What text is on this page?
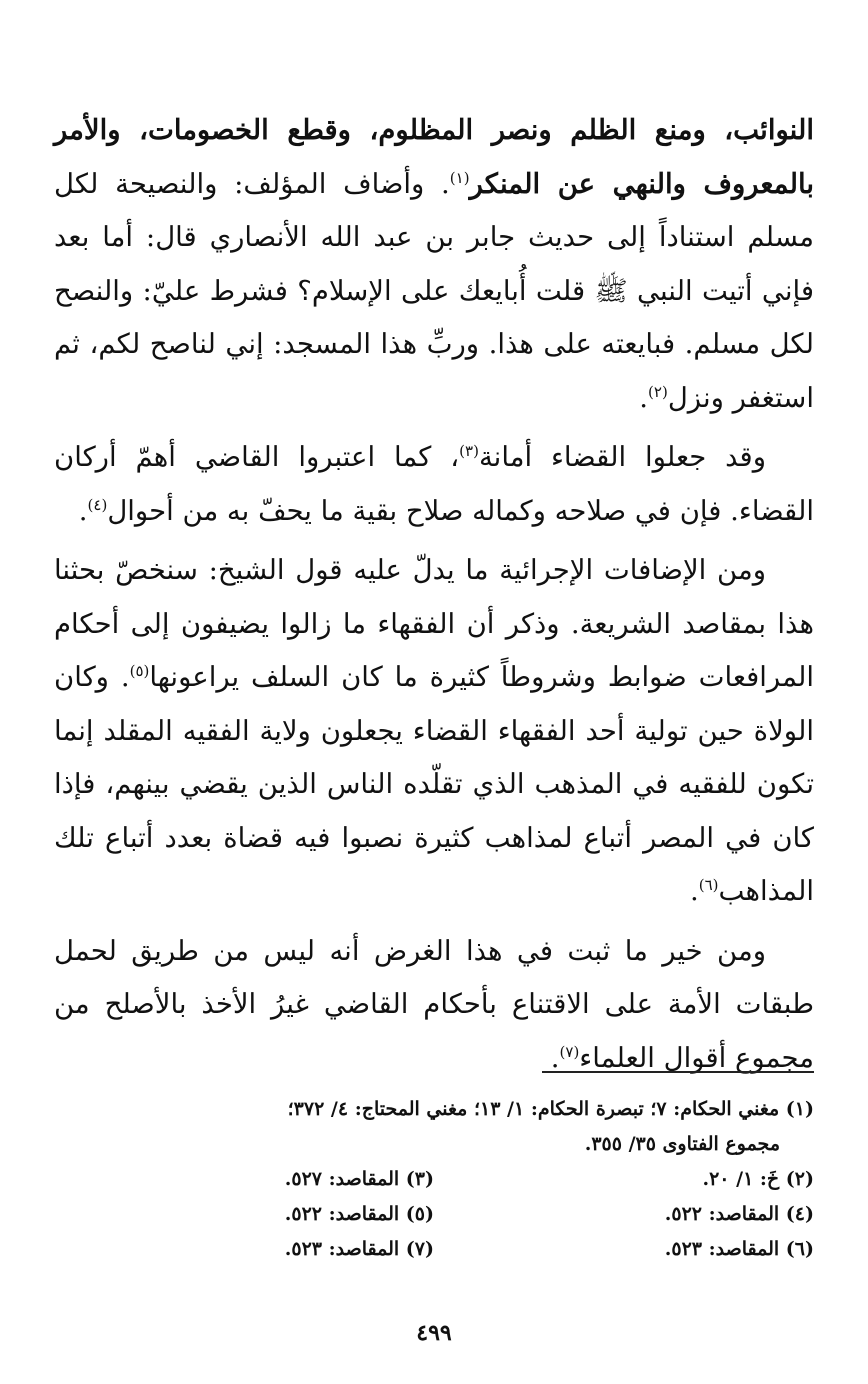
النوائب، ومنع الظلم ونصر المظلوم، وقطع الخصومات، والأمر بالمعروف والنهي عن المنكر$^{(١)}$. وأضاف المؤلف: والنصيحة لكل مسلم استناداً إلى حديث جابر بن عبد الله الأنصاري قال: أما بعد فإني أتيت النبي ﷺ قلت أُبايعك على الإسلام؟ فشرط عليّ: والنصح لكل مسلم. فبايعته على هذا. وربِّ هذا المسجد: إني لناصح لكم، ثم استغفر ونزل$^{(٢)}$.

وقد جعلوا القضاء أمانة$^{(٣)}$، كما اعتبروا القاضي أهمّ أركان القضاء. فإن في صلاحه وكماله صلاح بقية ما يحفّ به من أحوال$^{(٤)}$.

ومن الإضافات الإجرائية ما يدلّ عليه قول الشيخ: سنخصّ بحثنا هذا بمقاصد الشريعة. وذكر أن الفقهاء ما زالوا يضيفون إلى أحكام المرافعات ضوابط وشروطاً كثيرة ما كان السلف يراعونها$^{(٥)}$. وكان الولاة حين تولية أحد الفقهاء القضاء يجعلون ولاية الفقيه المقلد إنما تكون للفقيه في المذهب الذي تقلّده الناس الذين يقضي بينهم، فإذا كان في المصر أتباع لمذاهب كثيرة نصبوا فيه قضاة بعدد أتباع تلك المذاهب$^{(٦)}$.

ومن خير ما ثبت في هذا الغرض أنه ليس من طريق لحمل طبقات الأمة على الاقتناع بأحكام القاضي غيرُ الأخذ بالأصلح من مجموع أقوال العلماء$^{(٧)}$.

(١) مغني الحكام: ٧؛ تبصرة الحكام: ١/ ١٣؛ مغني المحتاج: ٤/ ٣٧٢؛
مجموع الفتاوى ٣٥/ ٣٥٥.

(٢) خَ: ١/ ٢٠.
(٣) المقاصد: ٥٢٧.
(٤) المقاصد: ٥٢٢.
(٥) المقاصد: ٥٢٢.
(٦) المقاصد: ٥٢٣.
(٧) المقاصد: ٥٢٣.
٤٩٩
